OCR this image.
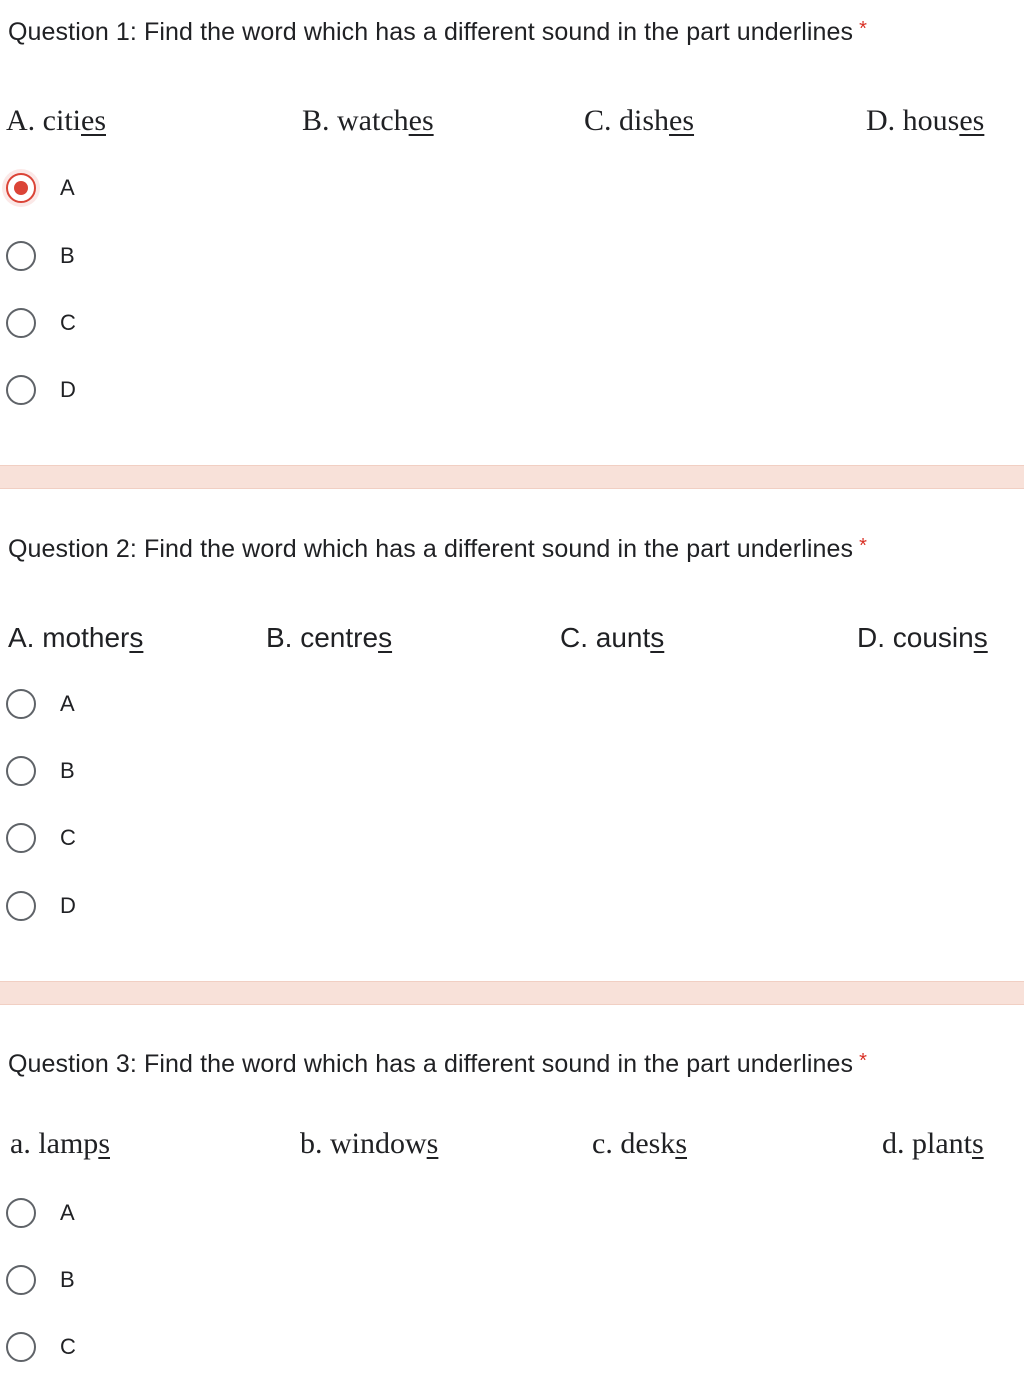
Question 1: Find the word which has a different sound in the part underlines *
A. cities	B. watches	C. dishes	D. houses
A
B
C
D
Question 2: Find the word which has a different sound in the part underlines *
A. mothers	B. centres	C. aunts	D. cousins
A
B
C
D
Question 3: Find the word which has a different sound in the part underlines *
a. lamps	b. windows	c. desks	d. plants
A
B
C
